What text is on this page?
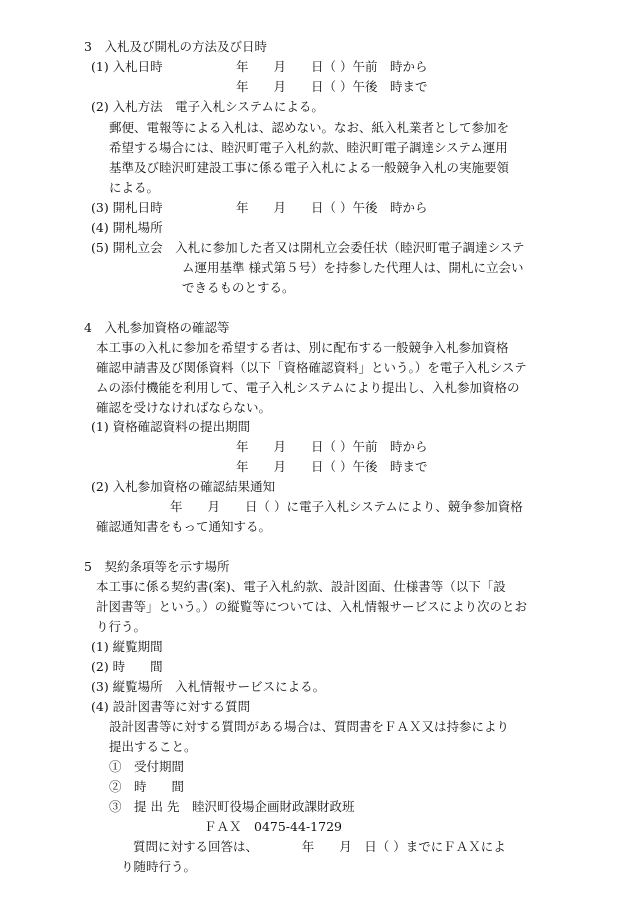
3　入札及び開札の方法及び日時
(1) 入札日時	年　　月　　日（ ）午前　時から
年　　月　　日（ ）午後　時まで
(2) 入札方法　電子入札システムによる。
郵便、電報等による入札は、認めない。なお、紙入札業者として参加を
希望する場合には、睦沢町電子入札約款、睦沢町電子調達システム運用
基準及び睦沢町建設工事に係る電子入札による一般競争入札の実施要領
による。
(3) 開札日時	年　　月　　日（ ）午後　時から
(4) 開札場所
(5) 開札立会　入札に参加した者又は開札立会委任状（睦沢町電子調達システ
ム運用基準 様式第５号）を持参した代理人は、開札に立会い
できるものとする。
4　入札参加資格の確認等
本工事の入札に参加を希望する者は、別に配布する一般競争入札参加資格
確認申請書及び関係資料（以下「資格確認資料」という。）を電子入札システ
ムの添付機能を利用して、電子入札システムにより提出し、入札参加資格の
確認を受けなければならない。
(1) 資格確認資料の提出期間
年　　月　　日（ ）午前　時から
年　　月　　日（ ）午後　時まで
(2) 入札参加資格の確認結果通知
年　　月　　日（ ）に電子入札システムにより、競争参加資格
確認通知書をもって通知する。
5　契約条項等を示す場所
本工事に係る契約書(案)、電子入札約款、設計図面、仕様書等（以下「設
計図書等」という。）の縦覧等については、入札情報サービスにより次のとお
り行う。
(1) 縦覧期間
(2) 時　　間
(3) 縦覧場所　入札情報サービスによる。
(4) 設計図書等に対する質問
設計図書等に対する質問がある場合は、質問書をＦＡＸ又は持参により
提出すること。
①　受付期間
②　時　　間
③　提 出 先　睦沢町役場企画財政課財政班
ＦＡＸ　0475-44-1729
質問に対する回答は、　　　　年　　月　日（ ）までにＦＡＸによ
り随時行う。
